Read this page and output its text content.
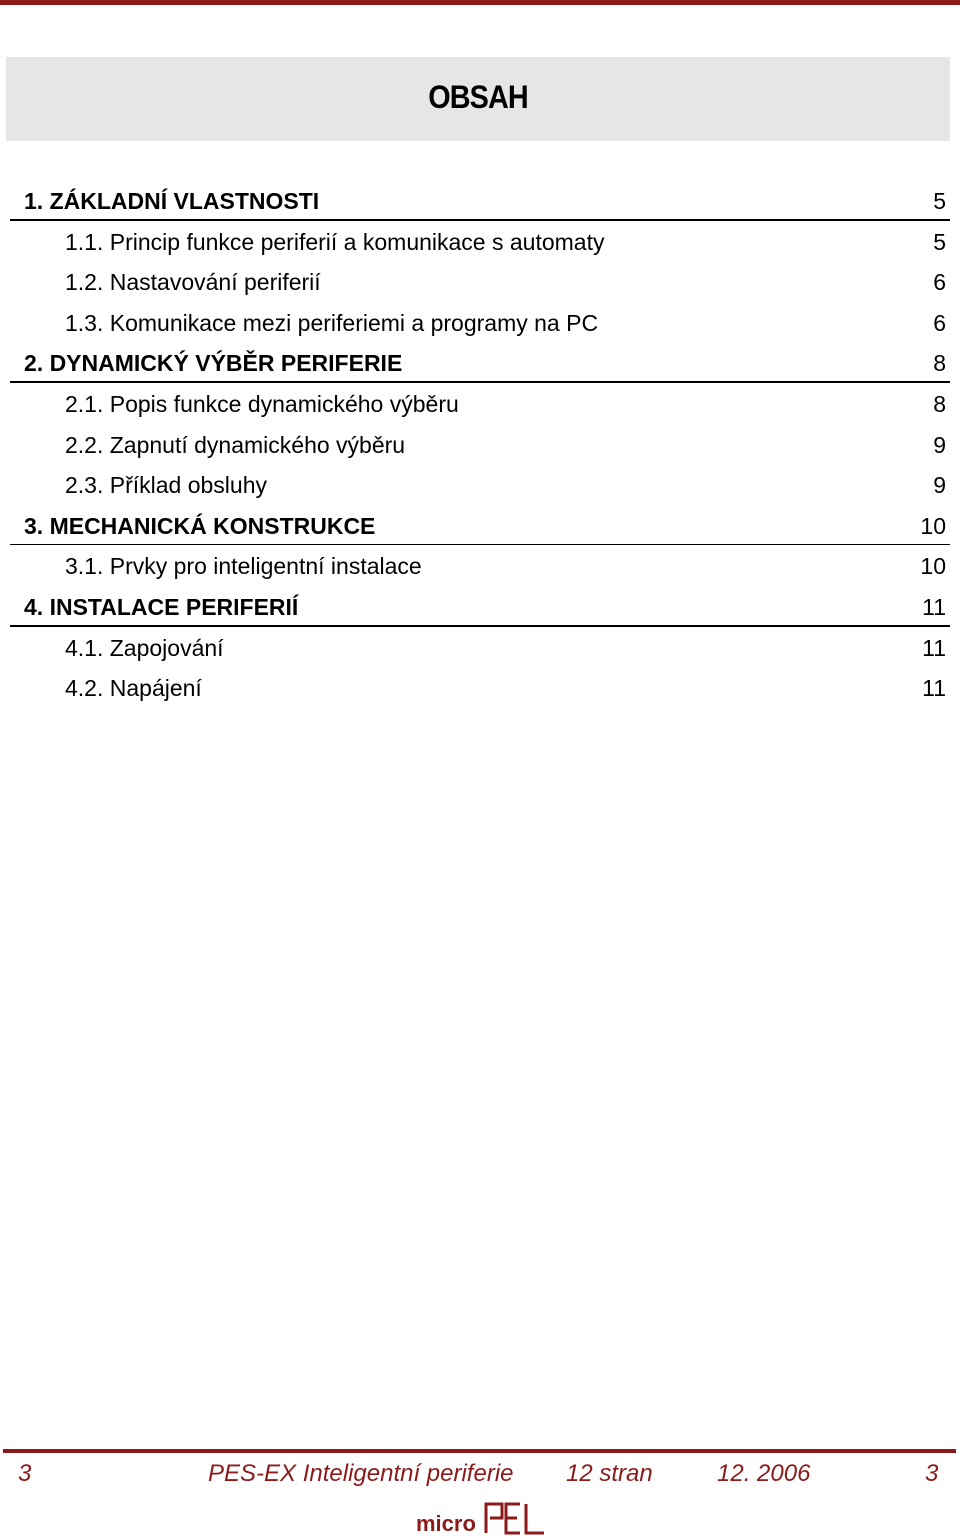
OBSAH
1. ZÁKLADNÍ VLASTNOSTI	5
1.1. Princip funkce periferií a komunikace s automaty	5
1.2. Nastavování periferií	6
1.3. Komunikace mezi periferiemi a programy na PC	6
2. DYNAMICKÝ VÝBĚR PERIFERIE	8
2.1. Popis funkce dynamického výběru	8
2.2. Zapnutí dynamického výběru	9
2.3. Příklad obsluhy	9
3. MECHANICKÁ KONSTRUKCE	10
3.1. Prvky pro inteligentní instalace	10
4. INSTALACE PERIFERIÍ	11
4.1. Zapojování	11
4.2. Napájení	11
3	PES-EX Inteligentní periferie 12 stran	12. 2006	3
micro
